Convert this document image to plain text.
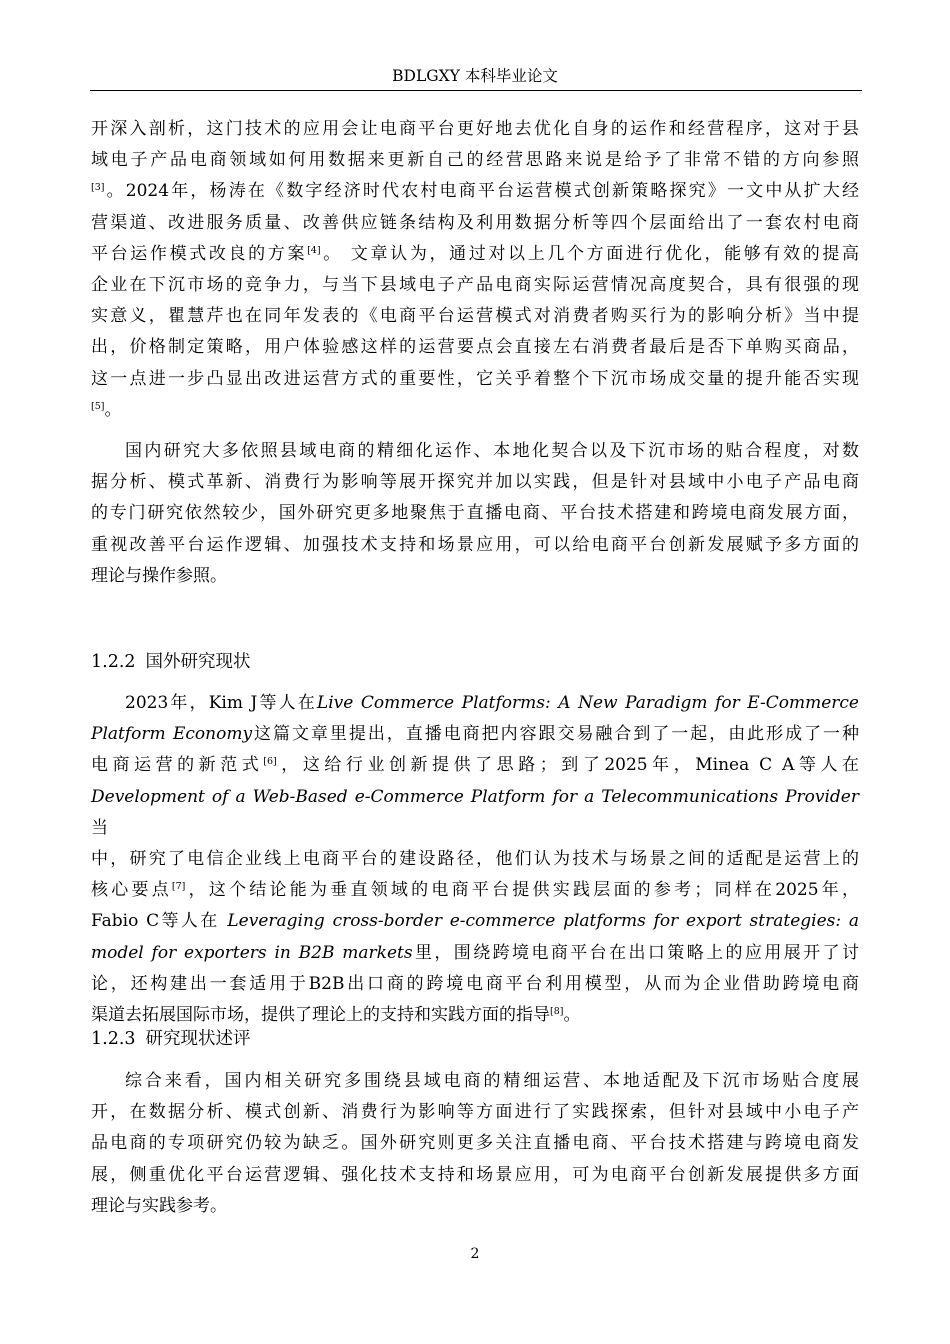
BDLGXY 本科毕业论文

开深入剖析，这门技术的应用会让电商平台更好地去优化自身的运作和经营程序，这对于县

域电子产品电商领域如何用数据来更新自己的经营思路来说是给予了非常不错的方向参照

[3]。2024年，杨涛在《数字经济时代农村电商平台运营模式创新策略探究》一文中从扩大经

营渠道、改进服务质量、改善供应链条结构及利用数据分析等四个层面给出了一套农村电商

平台运作模式改良的方案[4]。 文章认为，通过对以上几个方面进行优化，能够有效的提高

企业在下沉市场的竞争力，与当下县域电子产品电商实际运营情况高度契合，具有很强的现

实意义，瞿慧芹也在同年发表的《电商平台运营模式对消费者购买行为的影响分析》当中提

出，价格制定策略，用户体验感这样的运营要点会直接左右消费者最后是否下单购买商品，

这一点进一步凸显出改进运营方式的重要性，它关乎着整个下沉市场成交量的提升能否实现

[5]。

国内研究大多依照县域电商的精细化运作、本地化契合以及下沉市场的贴合程度，对数

据分析、模式革新、消费行为影响等展开探究并加以实践，但是针对县域中小电子产品电商

的专门研究依然较少，国外研究更多地聚焦于直播电商、平台技术搭建和跨境电商发展方面，

重视改善平台运作逻辑、加强技术支持和场景应用，可以给电商平台创新发展赋予多方面的

理论与操作参照。

1.2.2 国外研究现状

2023年，Kim J等人在Live Commerce Platforms: A New Paradigm for E-Commerce

Platform Economy这篇文章里提出，直播电商把内容跟交易融合到了一起，由此形成了一种

电商运营的新范式[6]，这给行业创新提供了思路；到了2025年，Minea C A等人在

Development of a Web-Based e-Commerce Platform for a Telecommunications Provider当

中，研究了电信企业线上电商平台的建设路径，他们认为技术与场景之间的适配是运营上的

核心要点[7]，这个结论能为垂直领域的电商平台提供实践层面的参考；同样在2025年，

Fabio C等人在 Leveraging cross-border e-commerce platforms for export strategies: a

model for exporters in B2B markets里，围绕跨境电商平台在出口策略上的应用展开了讨

论，还构建出一套适用于B2B出口商的跨境电商平台利用模型，从而为企业借助跨境电商

渠道去拓展国际市场，提供了理论上的支持和实践方面的指导[8]。

1.2.3 研究现状述评

综合来看，国内相关研究多围绕县域电商的精细运营、本地适配及下沉市场贴合度展

开，在数据分析、模式创新、消费行为影响等方面进行了实践探索，但针对县域中小电子产

品电商的专项研究仍较为缺乏。国外研究则更多关注直播电商、平台技术搭建与跨境电商发

展，侧重优化平台运营逻辑、强化技术支持和场景应用，可为电商平台创新发展提供多方面

理论与实践参考。

2
